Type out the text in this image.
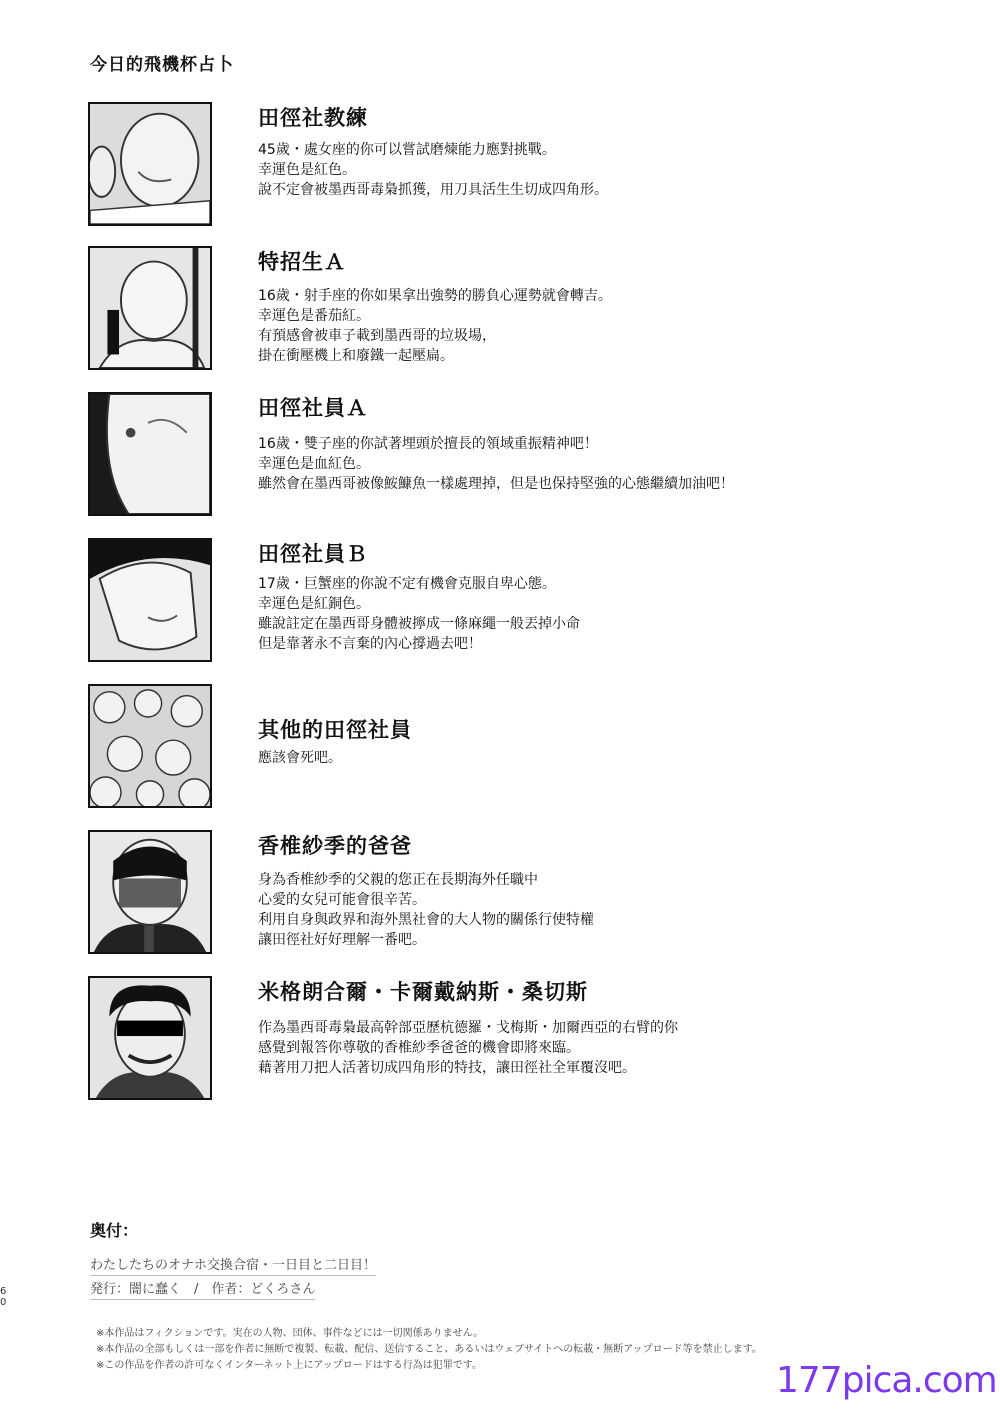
今日的飛機杯占卜
田徑社教練
45歲・處女座的你可以嘗試磨煉能力應對挑戰。
幸運色是紅色。
說不定會被墨西哥毒梟抓獲，用刀具活生生切成四角形。
特招生Ａ
16歲・射手座的你如果拿出強勢的勝負心運勢就會轉吉。
幸運色是番茄紅。
有預感會被車子載到墨西哥的垃圾場，
掛在衝壓機上和廢鐵一起壓扁。
田徑社員Ａ
16歲・雙子座的你試著埋頭於擅長的領域重振精神吧！
幸運色是血紅色。
雖然會在墨西哥被像鮟鱇魚一樣處理掉，但是也保持堅強的心態繼續加油吧！
田徑社員Ｂ
17歲・巨蟹座的你說不定有機會克服自卑心態。
幸運色是紅銅色。
雖說註定在墨西哥身體被擰成一條麻繩一般丟掉小命
但是靠著永不言棄的內心撐過去吧！
其他的田徑社員
應該會死吧。
香椎紗季的爸爸
身為香椎紗季的父親的您正在長期海外任職中
心愛的女兒可能會很辛苦。
利用自身與政界和海外黑社會的大人物的關係行使特權
讓田徑社好好理解一番吧。
米格朗合爾・卡爾戴納斯・桑切斯
作為墨西哥毒梟最高幹部亞歷杭德羅・戈梅斯・加爾西亞的右臂的你
感覺到報答你尊敬的香椎紗季爸爸的機會即將來臨。
藉著用刀把人活著切成四角形的特技，讓田徑社全軍覆沒吧。
奥付：
わたしたちのオナホ交換合宿・一日目と二日目！
発行：闇に蠢く　/　作者：どくろさん
60
※本作品はフィクションです。実在の人物、団体、事件などには一切関係ありません。
※本作品の全部もしくは一部を作者に無断で複製、転載、配信、送信すること、あるいはウェブサイトへの転載・無断アップロード等を禁止します。
※この作品を作者の許可なくインターネット上にアップロードはする行為は犯罪です。	177pica.com
